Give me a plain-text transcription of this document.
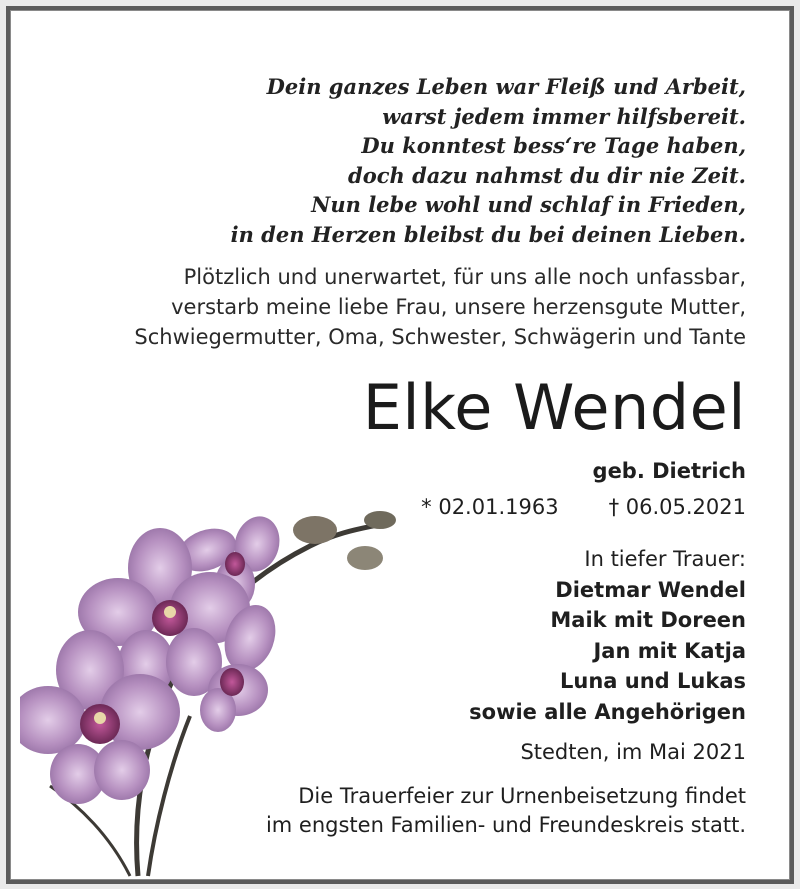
Dein ganzes Leben war Fleiß und Arbeit,
warst jedem immer hilfsbereit.
Du konntest bess‘re Tage haben,
doch dazu nahmst du dir nie Zeit.
Nun lebe wohl und schlaf in Frieden,
in den Herzen bleibst du bei deinen Lieben.
Plötzlich und unerwartet, für uns alle noch unfassbar,
verstarb meine liebe Frau, unsere herzensgute Mutter,
Schwiegermutter, Oma, Schwester, Schwägerin und Tante
Elke Wendel
geb. Dietrich
* 02.01.1963 † 06.05.2021
In tiefer Trauer:
Dietmar Wendel
Maik mit Doreen
Jan mit Katja
Luna und Lukas
sowie alle Angehörigen
Stedten, im Mai 2021
Die Trauerfeier zur Urnenbeisetzung findet
im engsten Familien- und Freundeskreis statt.
